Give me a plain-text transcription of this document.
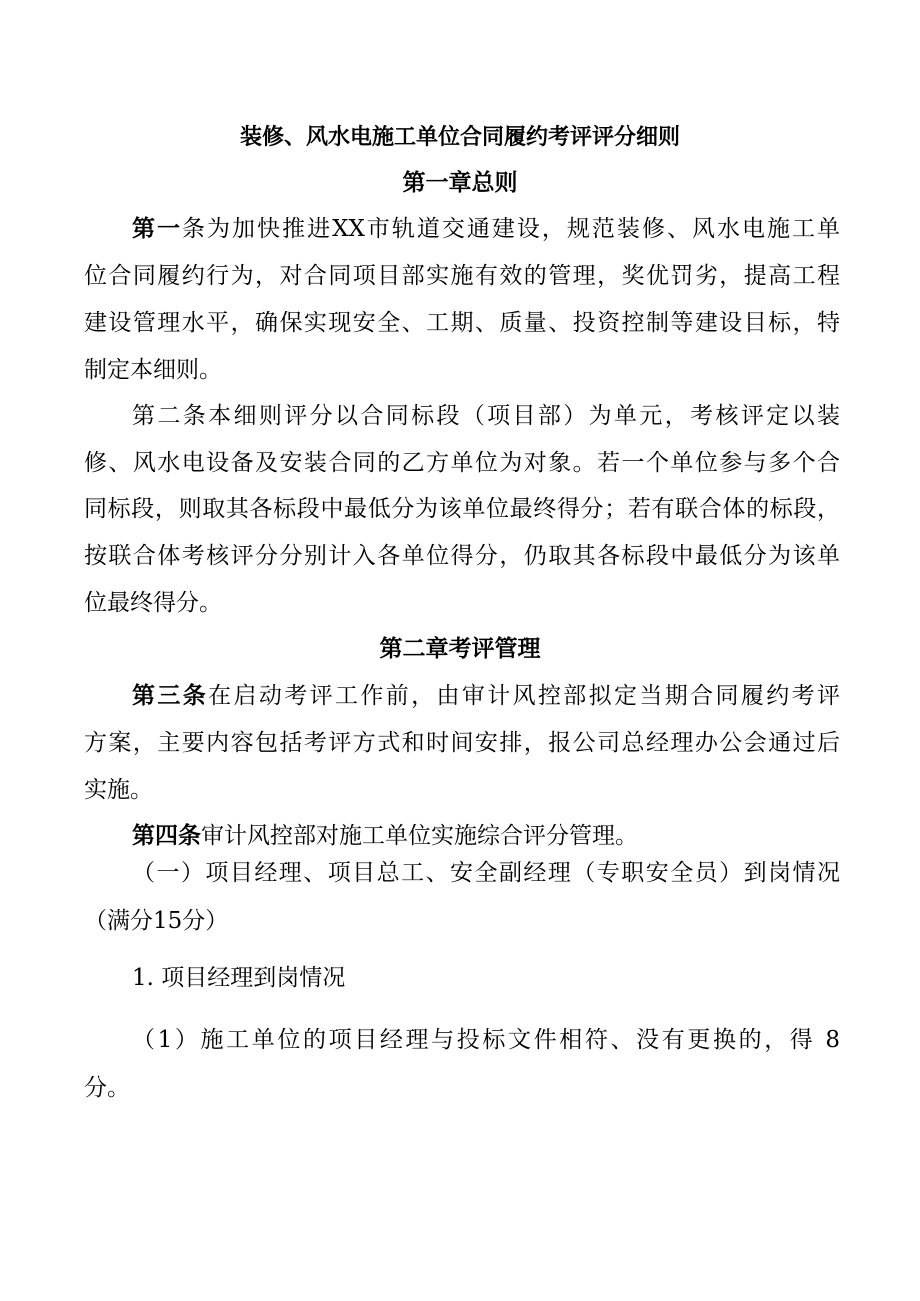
装修、风水电施工单位合同履约考评评分细则
第一章总则
第一条为加快推进XX市轨道交通建设，规范装修、风水电施工单
位合同履约行为，对合同项目部实施有效的管理，奖优罚劣，提高工程
建设管理水平，确保实现安全、工期、质量、投资控制等建设目标，特
制定本细则。
第二条本细则评分以合同标段（项目部）为单元，考核评定以装
修、风水电设备及安装合同的乙方单位为对象。若一个单位参与多个合
同标段，则取其各标段中最低分为该单位最终得分；若有联合体的标段，
按联合体考核评分分别计入各单位得分，仍取其各标段中最低分为该单
位最终得分。
第二章考评管理
第三条在启动考评工作前，由审计风控部拟定当期合同履约考评
方案，主要内容包括考评方式和时间安排，报公司总经理办公会通过后
实施。
第四条审计风控部对施工单位实施综合评分管理。
（一）项目经理、项目总工、安全副经理（专职安全员）到岗情况
（满分15分）
1. 项目经理到岗情况
（1）施工单位的项目经理与投标文件相符、没有更换的，得 8
分。
